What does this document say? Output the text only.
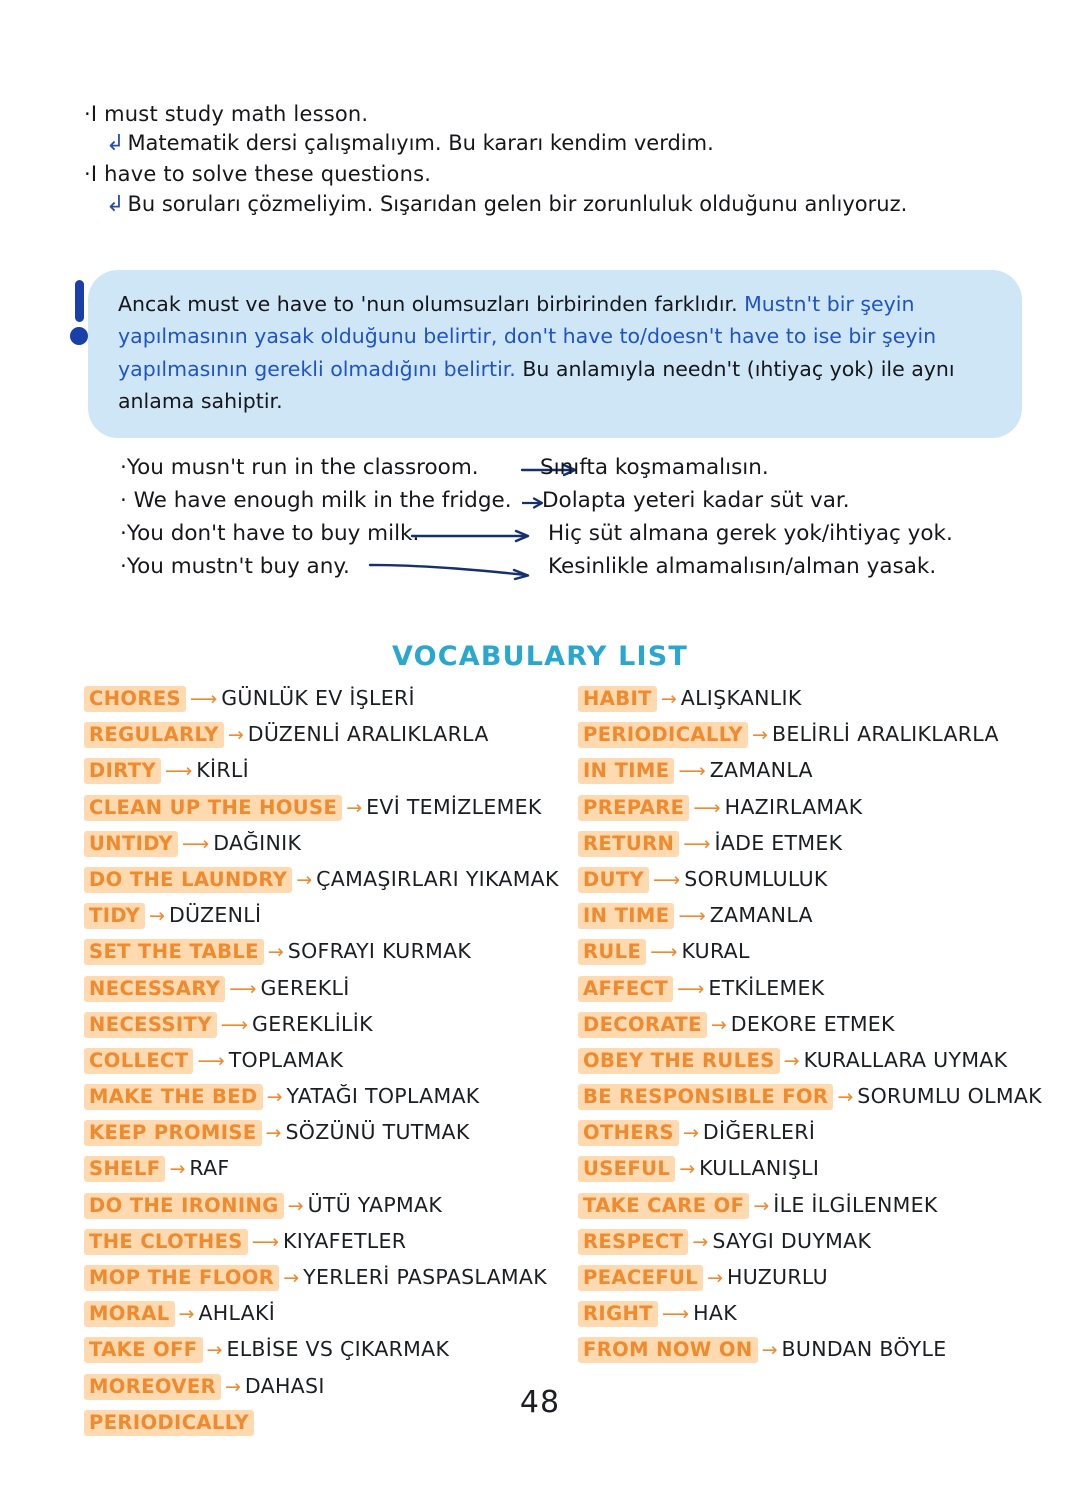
·I must study math lesson.
↳ Matematik dersi çalışmalıyım. Bu kararı kendim verdim.
·I have to solve these questions.
↳ Bu soruları çözmeliyim. Sışarıdan gelen bir zorunluluk olduğunu anlıyoruz.
Ancak must ve have to 'nun olumsuzları birbirinden farklıdır. Mustn't bir şeyin yapılmasının yasak olduğunu belirtir, don't have to/doesn't have to ise bir şeyin yapılmasının gerekli olmadığını belirtir. Bu anlamıyla needn't (ıhtiyaç yok) ile aynı anlama sahiptir.
·You musn't run in the classroom.	Sınıfta koşmamalısın.
· We have enough milk in the fridge. Dolapta yeteri kadar süt var.
·You don't have to buy milk.	Hiç süt almana gerek yok/ihtiyaç yok.
·You mustn't buy any.	Kesinlikle almamalısın/alman yasak.
VOCABULARY LIST
CHORES ⟶ GÜNLÜK EV İŞLERİ
REGULARLY → DÜZENLİ ARALIKLARLA
DIRTY ⟶ KİRLİ
CLEAN UP THE HOUSE → EVİ TEMİZLEMEK
UNTIDY ⟶ DAĞINIK
DO THE LAUNDRY → ÇAMAŞIRLARI YIKAMAK
TIDY → DÜZENLİ
SET THE TABLE → SOFRAYI KURMAK
NECESSARY ⟶ GEREKLİ
NECESSITY ⟶ GEREKLİLİK
COLLECT ⟶ TOPLAMAK
MAKE THE BED → YATAĞI TOPLAMAK
KEEP PROMISE → SÖZÜNÜ TUTMAK
SHELF → RAF
DO THE IRONING → ÜTÜ YAPMAK
THE CLOTHES ⟶ KIYAFETLER
MOP THE FLOOR → YERLERİ PASPASLAMAK
MORAL → AHLAKİ
TAKE OFF → ELBİSE VS ÇIKARMAK
MOREOVER → DAHASI
PERIODICALLY
HABIT → ALIŞKANLIK
PERIODICALLY → BELİRLİ ARALIKLARLA
IN TIME ⟶ ZAMANLA
PREPARE ⟶ HAZIRLAMAK
RETURN ⟶ İADE ETMEK
DUTY ⟶ SORUMLULUK
IN TIME ⟶ ZAMANLA
RULE ⟶ KURAL
AFFECT ⟶ ETKİLEMEK
DECORATE → DEKORE ETMEK
OBEY THE RULES → KURALLARA UYMAK
BE RESPONSIBLE FOR → SORUMLU OLMAK
OTHERS → DİĞERLERİ
USEFUL → KULLANIŞLI
TAKE CARE OF → İLE İLGİLENMEK
RESPECT → SAYGI DUYMAK
PEACEFUL → HUZURLU
RIGHT ⟶ HAK
FROM NOW ON → BUNDAN BÖYLE
48
